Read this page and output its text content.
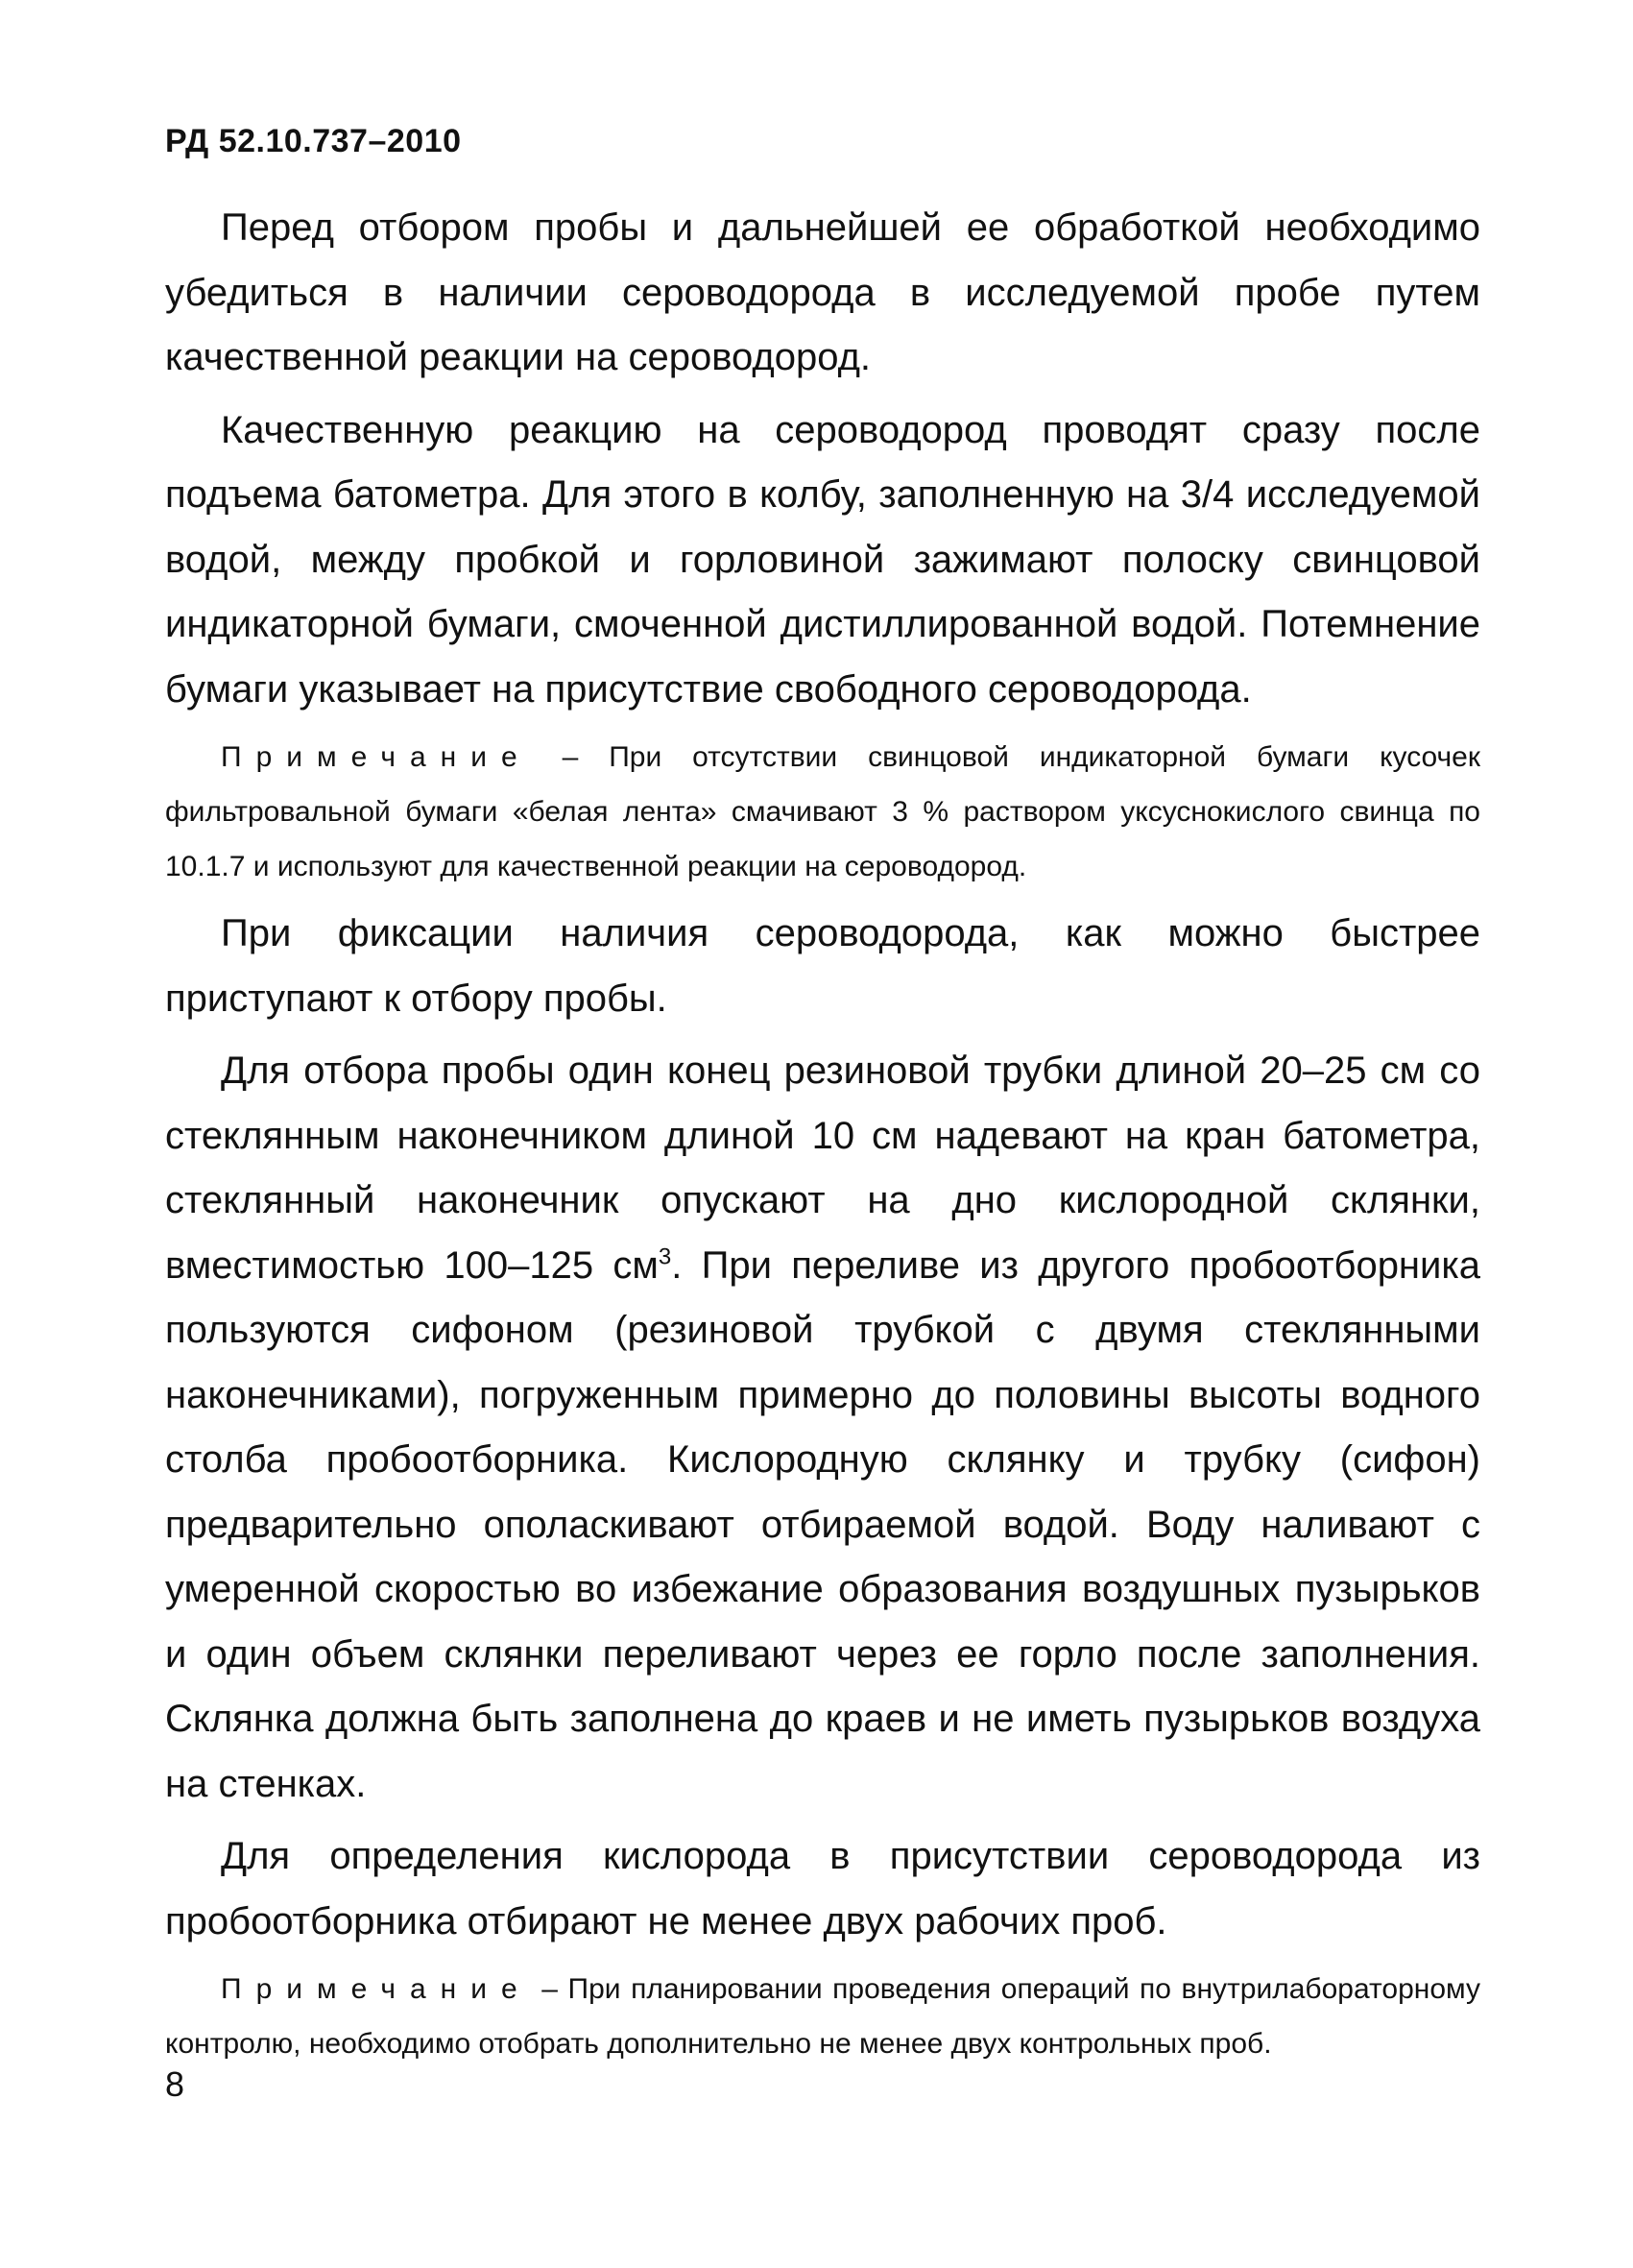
РД 52.10.737–2010

Перед отбором пробы и дальнейшей ее обработкой необходимо убедиться в наличии сероводорода в исследуемой пробе путем качественной реакции на сероводород.

Качественную реакцию на сероводород проводят сразу после подъема батометра. Для этого в колбу, заполненную на 3/4 исследуемой водой, между пробкой и горловиной зажимают полоску свинцовой индикаторной бумаги, смоченной дистиллированной водой. Потемнение бумаги указывает на присутствие свободного сероводорода.

Примечание – При отсутствии свинцовой индикаторной бумаги кусочек фильтровальной бумаги «белая лента» смачивают 3 % раствором уксуснокислого свинца по 10.1.7 и используют для качественной реакции на сероводород.

При фиксации наличия сероводорода, как можно быстрее приступают к отбору пробы.

Для отбора пробы один конец резиновой трубки длиной 20–25 см со стеклянным наконечником длиной 10 см надевают на кран батометра, стеклянный наконечник опускают на дно кислородной склянки, вместимостью 100–125 $см^3$. При переливе из другого пробоотборника пользуются сифоном (резиновой трубкой с двумя стеклянными наконечниками), погруженным примерно до половины высоты водного столба пробоотборника. Кислородную склянку и трубку (сифон) предварительно ополаскивают отбираемой водой. Воду наливают с умеренной скоростью во избежание образования воздушных пузырьков и один объем склянки переливают через ее горло после заполнения. Склянка должна быть заполнена до краев и не иметь пузырьков воздуха на стенках.

Для определения кислорода в присутствии сероводорода из пробоотборника отбирают не менее двух рабочих проб.

Примечание – При планировании проведения операций по внутрилабораторному контролю, необходимо отобрать дополнительно не менее двух контрольных проб.

8
